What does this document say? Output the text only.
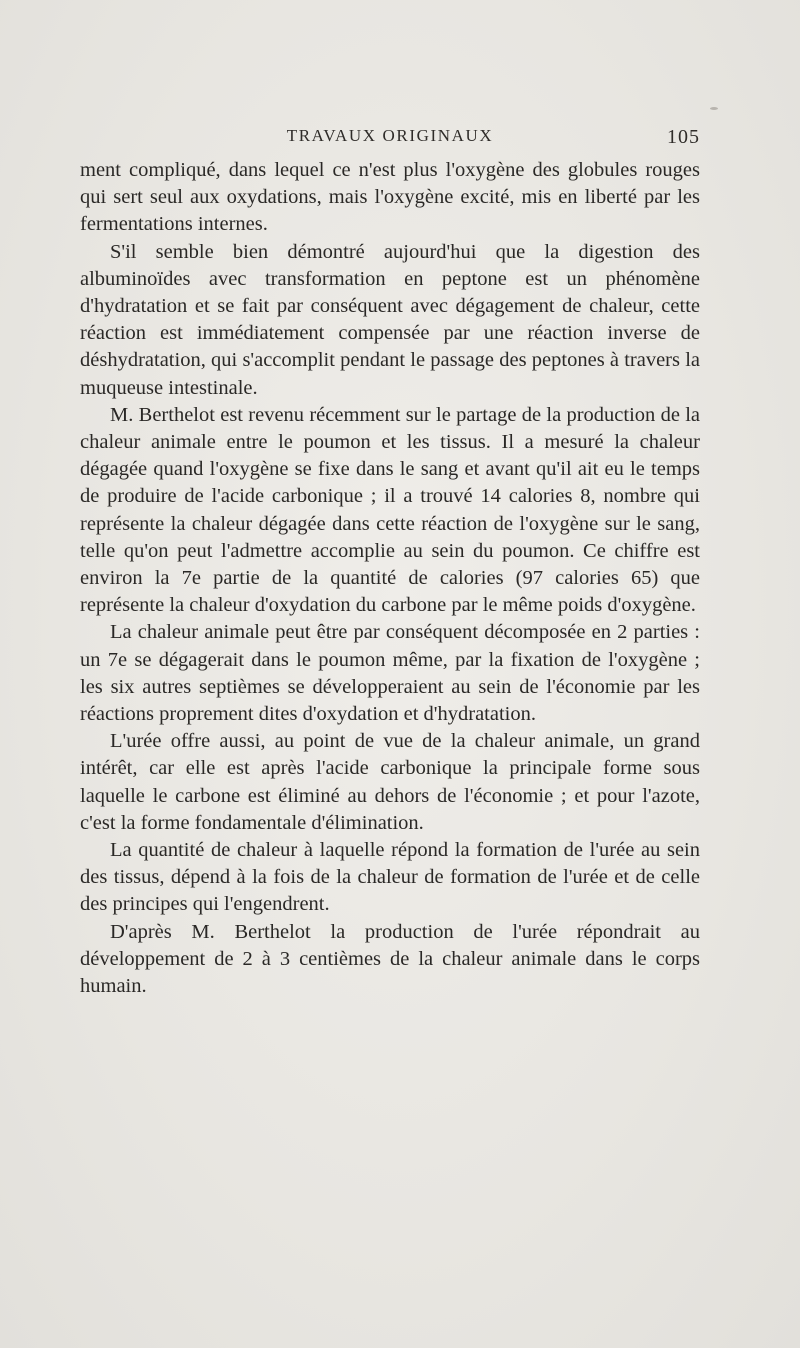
TRAVAUX ORIGINAUX	105

ment compliqué, dans lequel ce n'est plus l'oxygène des globules rouges qui sert seul aux oxydations, mais l'oxygène excité, mis en liberté par les fermentations internes.

S'il semble bien démontré aujourd'hui que la digestion des albuminoïdes avec transformation en peptone est un phénomène d'hydratation et se fait par conséquent avec dégagement de chaleur, cette réaction est immédiatement compensée par une réaction inverse de déshydratation, qui s'accomplit pendant le passage des peptones à travers la muqueuse intestinale.

M. Berthelot est revenu récemment sur le partage de la production de la chaleur animale entre le poumon et les tissus. Il a mesuré la chaleur dégagée quand l'oxygène se fixe dans le sang et avant qu'il ait eu le temps de produire de l'acide carbonique ; il a trouvé 14 calories 8, nombre qui représente la chaleur dégagée dans cette réaction de l'oxygène sur le sang, telle qu'on peut l'admettre accomplie au sein du poumon. Ce chiffre est environ la 7e partie de la quantité de calories (97 calories 65) que représente la chaleur d'oxydation du carbone par le même poids d'oxygène.

La chaleur animale peut être par conséquent décomposée en 2 parties : un 7e se dégagerait dans le poumon même, par la fixation de l'oxygène ; les six autres septièmes se développeraient au sein de l'économie par les réactions proprement dites d'oxydation et d'hydratation.

L'urée offre aussi, au point de vue de la chaleur animale, un grand intérêt, car elle est après l'acide carbonique la principale forme sous laquelle le carbone est éliminé au dehors de l'économie ; et pour l'azote, c'est la forme fondamentale d'élimination.

La quantité de chaleur à laquelle répond la formation de l'urée au sein des tissus, dépend à la fois de la chaleur de formation de l'urée et de celle des principes qui l'engendrent.

D'après M. Berthelot la production de l'urée répondrait au développement de 2 à 3 centièmes de la chaleur animale dans le corps humain.
